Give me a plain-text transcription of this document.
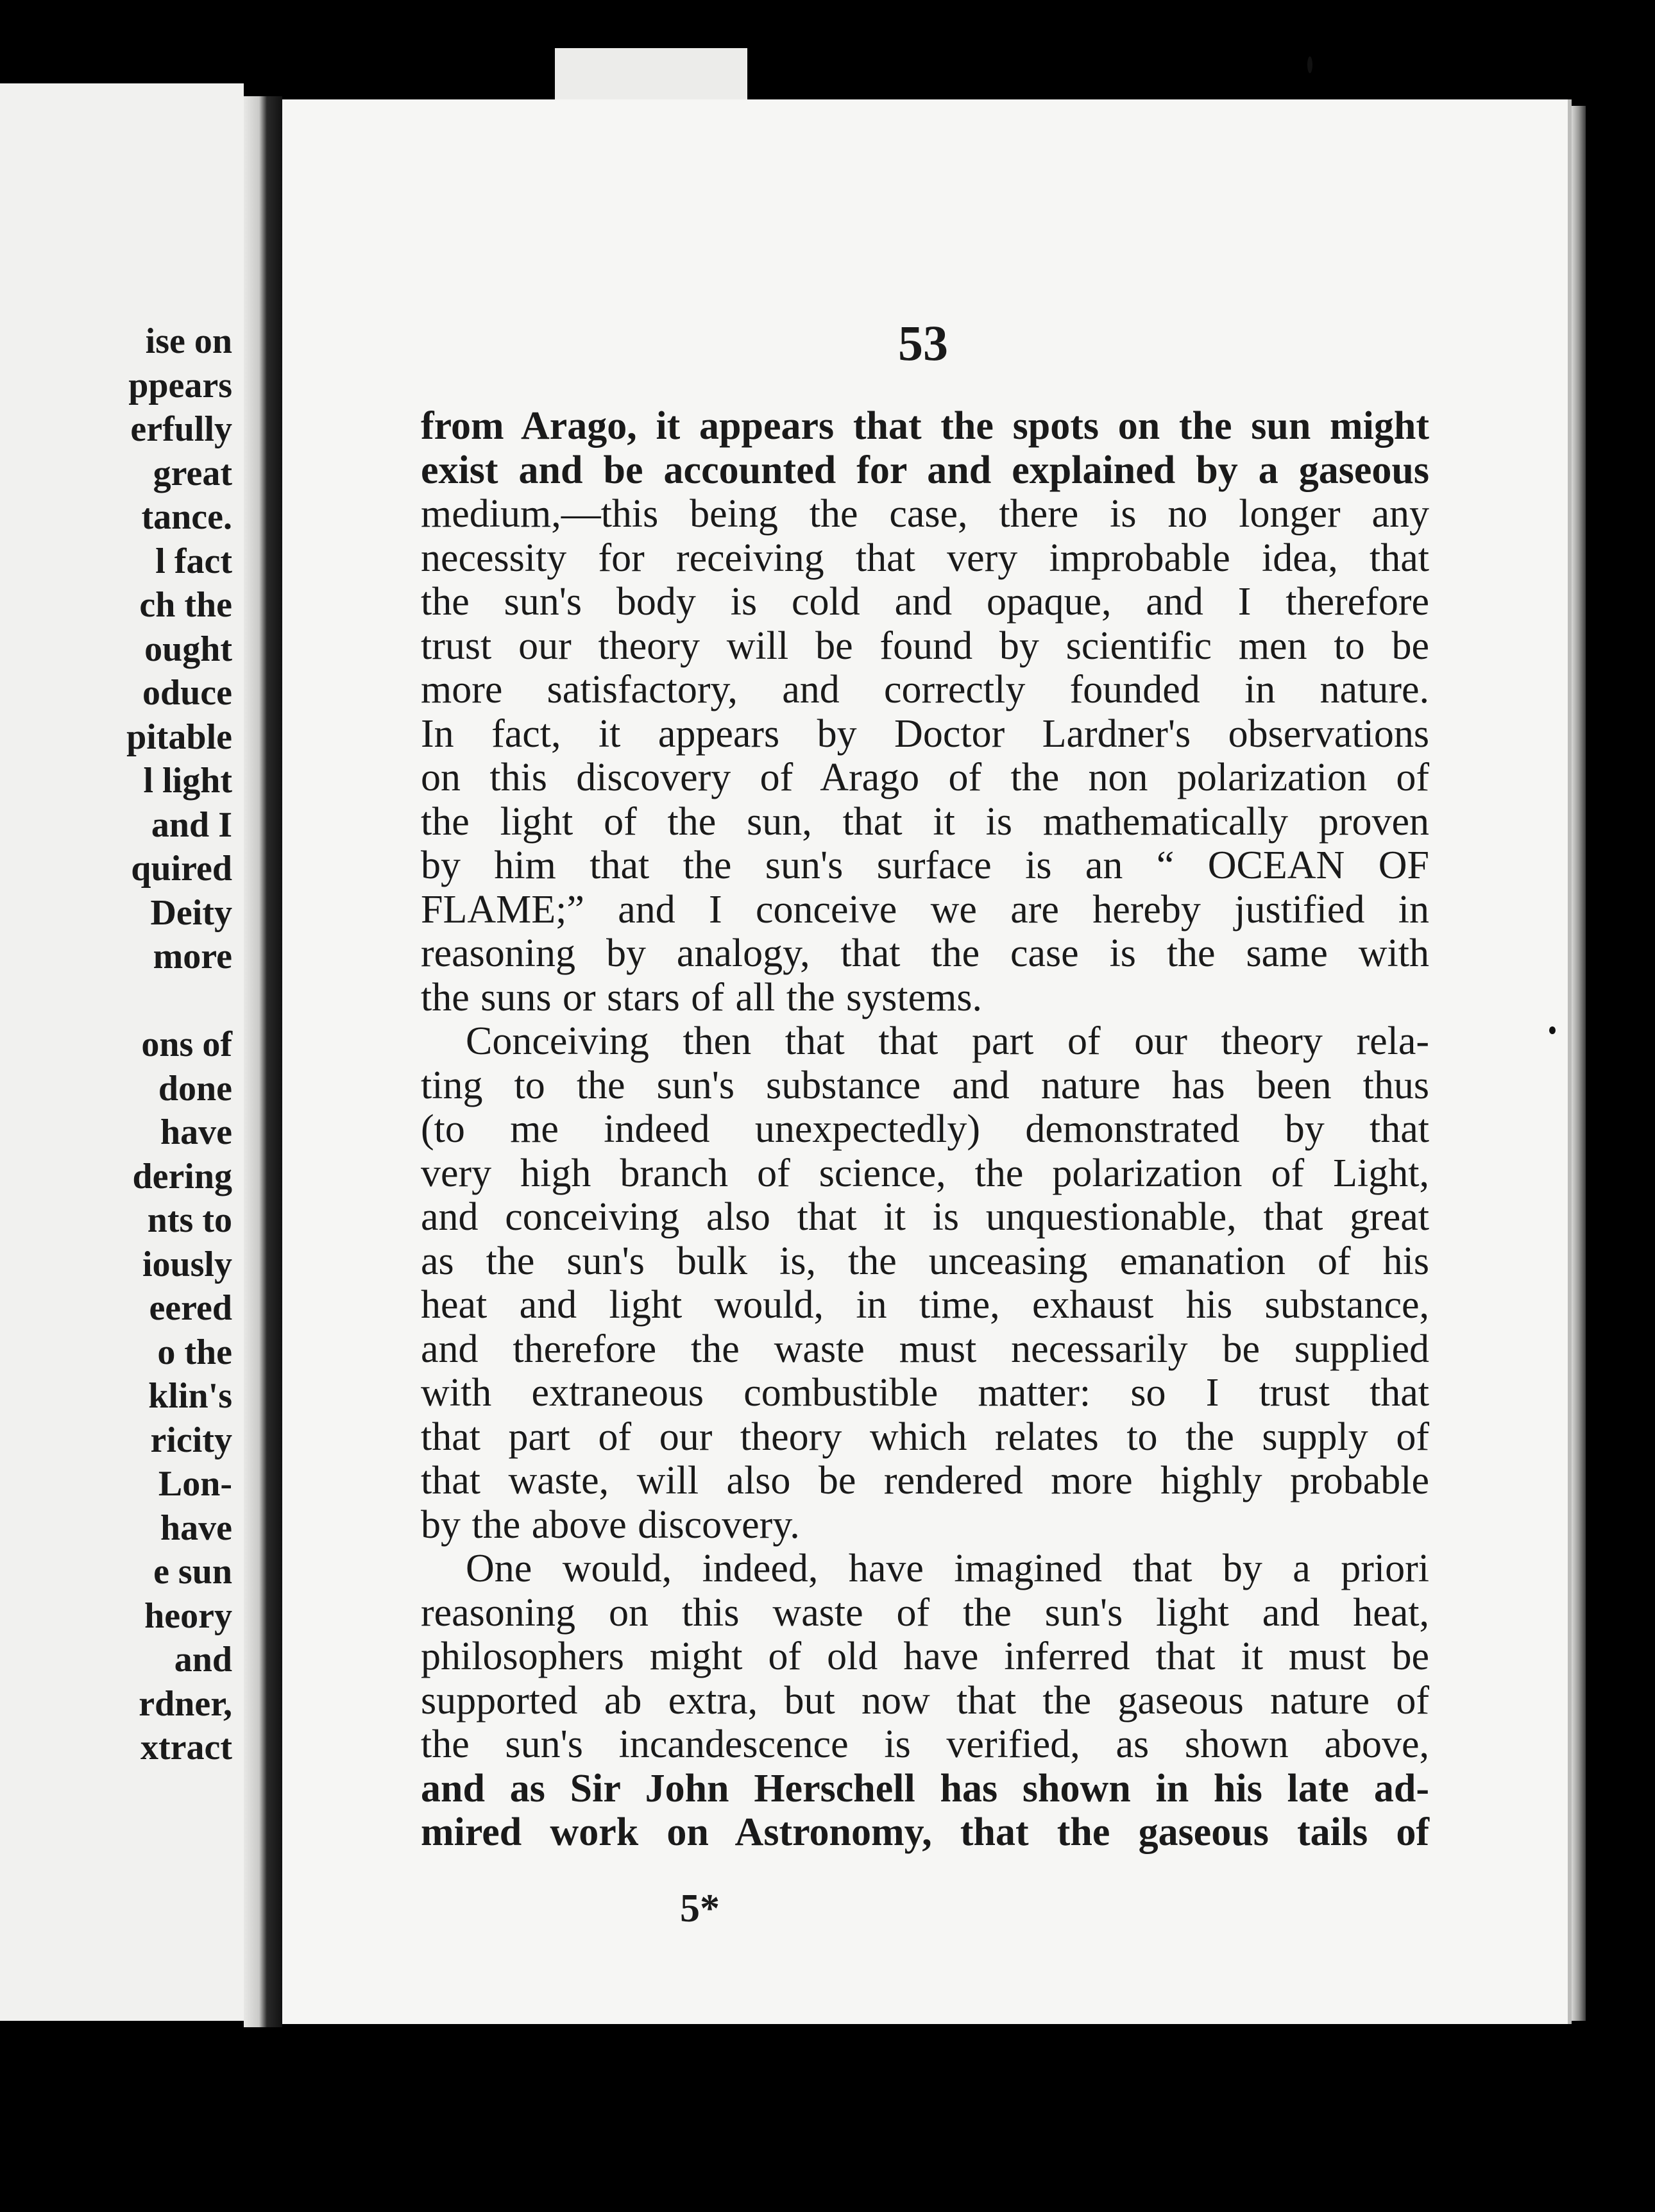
ise on
ppears
erfully
great
tance.
l fact
ch the
ought
oduce
pitable
l light
and I
quired
Deity
more
ons of
done
have
dering
nts to
iously
eered
o the
klin's
ricity
Lon-
have
e sun
heory
and
rdner,
xtract
53
from Arago, it appears that the spots on the sun might
exist and be accounted for and explained by a gaseous
medium,—this being the case, there is no longer any
necessity for receiving that very improbable idea, that
the sun's body is cold and opaque, and I therefore
trust our theory will be found by scientific men to be
more satisfactory, and correctly founded in nature.
In fact, it appears by Doctor Lardner's observations
on this discovery of Arago of the non polarization of
the light of the sun, that it is mathematically proven
by him that the sun's surface is an “ OCEAN OF
FLAME;” and I conceive we are hereby justified in
reasoning by analogy, that the case is the same with
the suns or stars of all the systems.
Conceiving then that that part of our theory rela-
ting to the sun's substance and nature has been thus
(to me indeed unexpectedly) demonstrated by that
very high branch of science, the polarization of Light,
and conceiving also that it is unquestionable, that great
as the sun's bulk is, the unceasing emanation of his
heat and light would, in time, exhaust his substance,
and therefore the waste must necessarily be supplied
with extraneous combustible matter: so I trust that
that part of our theory which relates to the supply of
that waste, will also be rendered more highly probable
by the above discovery.
One would, indeed, have imagined that by a priori
reasoning on this waste of the sun's light and heat,
philosophers might of old have inferred that it must be
supported ab extra, but now that the gaseous nature of
the sun's incandescence is verified, as shown above,
and as Sir John Herschell has shown in his late ad-
mired work on Astronomy, that the gaseous tails of
5*
